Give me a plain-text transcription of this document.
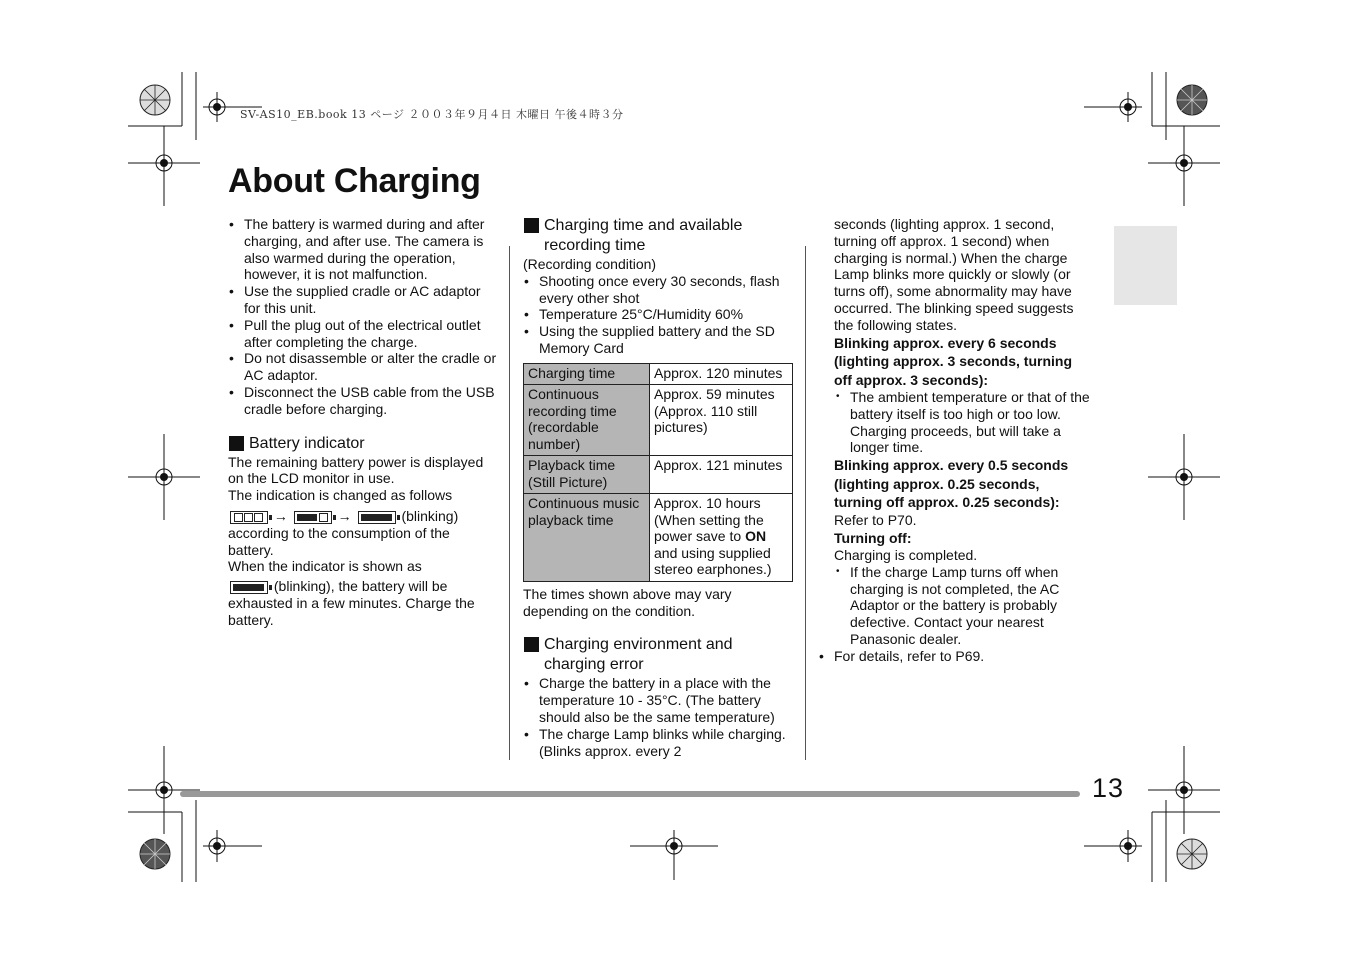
SV-AS10_EB.book 13 ページ ２００３年９月４日 木曜日 午後４時３分
About Charging
• The battery is warmed during and after charging, and after use. The camera is also warmed during the operation, however, it is not malfunction.
• Use the supplied cradle or AC adaptor for this unit.
• Pull the plug out of the electrical outlet after completing the charge.
• Do not disassemble or alter the cradle or AC adaptor.
• Disconnect the USB cable from the USB cradle before charging.
Battery indicator

The remaining battery power is displayed on the LCD monitor in use.

The indication is changed as follows

→	→	(blinking)

according to the consumption of the battery.

When the indicator is shown as

(blinking), the battery will be exhausted in a few minutes. Charge the battery.

Charging time and available recording time

(Recording condition)

• Shooting once every 30 seconds, flash every other shot
• Temperature 25°C/Humidity 60%
• Using the supplied battery and the SD Memory Card
Charging time	Approx. 120 minutes
Continuous recording time (recordable number)	Approx. 59 minutes (Approx. 110 still pictures)
Playback time (Still Picture)	Approx. 121 minutes
Continuous music playback time	Approx. 10 hours (When setting the power save to ON and using supplied stereo earphones.)

The times shown above may vary depending on the condition.

Charging environment and charging error
• Charge the battery in a place with the temperature 10 - 35°C. (The battery should also be the same temperature)
• The charge Lamp blinks while charging. (Blinks approx. every 2

seconds (lighting approx. 1 second, turning off approx. 1 second) when charging is normal.) When the charge Lamp blinks more quickly or slowly (or turns off), some abnormality may have occurred. The blinking speed suggests the following states.

Blinking approx. every 6 seconds (lighting approx. 3 seconds, turning off approx. 3 seconds):
• The ambient temperature or that of the battery itself is too high or too low. Charging proceeds, but will take a longer time.
Blinking approx. every 0.5 seconds (lighting approx. 0.25 seconds, turning off approx. 0.25 seconds):

Refer to P70.

Turning off:

Charging is completed.

• If the charge Lamp turns off when charging is not completed, the AC Adaptor or the battery is probably defective. Contact your nearest Panasonic dealer.
• For details, refer to P69.
13
